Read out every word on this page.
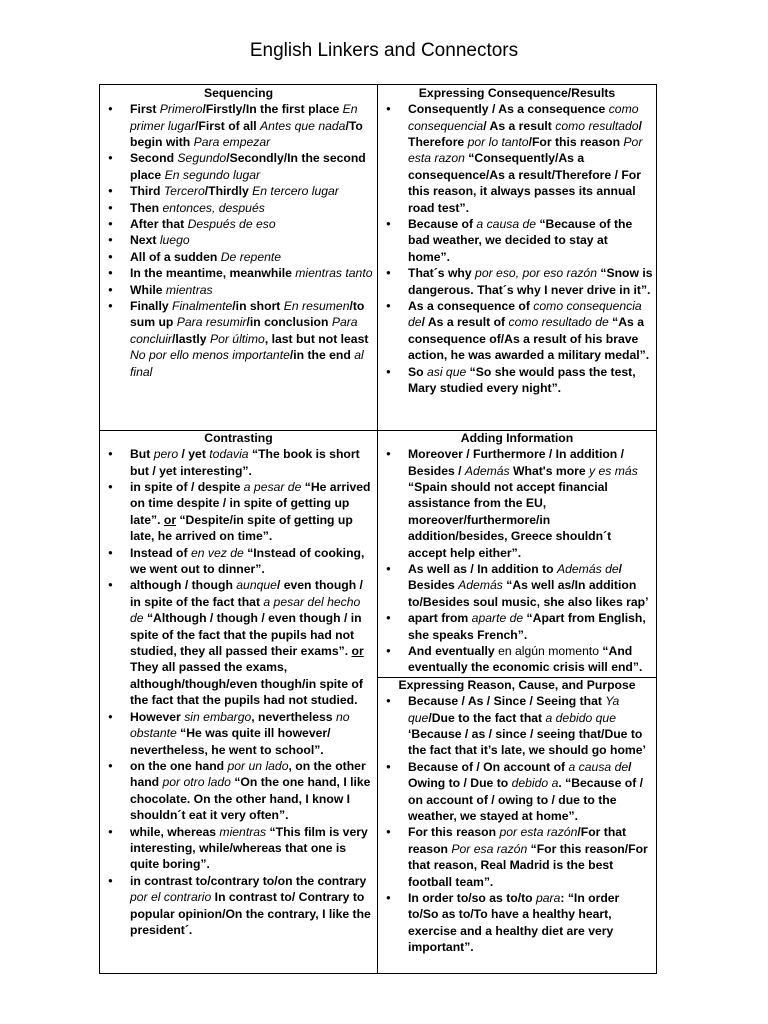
English Linkers and Connectors
Sequencing
● First Primero/Firstly/In the first place En primer lugar/First of all Antes que nada/To begin with Para empezar
● Second Segundo/Secondly/In the second place En segundo lugar
● Third Tercero/Thirdly En tercero lugar
● Then entonces, después
● After that Después de eso
● Next luego
● All of a sudden De repente
● In the meantime, meanwhile mientras tanto
● While mientras
● Finally Finalmente/in short En resumen/to sum up Para resumir/in conclusion Para concluir/lastly Por último, last but not least No por ello menos importante/in the end al final
Expressing Consequence/Results
● Consequently / As a consequence como consequencia/ As a result como resultado/ Therefore por lo tanto/For this reason Por esta razon “Consequently/As a consequence/As a result/Therefore / For this reason, it always passes its annual road test”.
● Because of a causa de “Because of the bad weather, we decided to stay at home”.
● That´s why por eso, por eso razón “Snow is dangerous. That´s why I never drive in it”.
● As a consequence of como consequencia de/ As a result of como resultado de “As a consequence of/As a result of his brave action, he was awarded a military medal”.
● So asi que “So she would pass the test, Mary studied every night”.
Contrasting
● But pero / yet todavia “The book is short but / yet interesting”.
● in spite of / despite a pesar de “He arrived on time despite / in spite of getting up late”. or “Despite/in spite of getting up late, he arrived on time”.
● Instead of en vez de “Instead of cooking, we went out to dinner”.
● although / though aunque/ even though / in spite of the fact that a pesar del hecho de “Although / though / even though / in spite of the fact that the pupils had not studied, they all passed their exams”. or They all passed the exams, although/though/even though/in spite of the fact that the pupils had not studied.
● However sin embargo, nevertheless no obstante “He was quite ill however/ nevertheless, he went to school”.
● on the one hand por un lado, on the other hand por otro lado “On the one hand, I like chocolate. On the other hand, I know I shouldn´t eat it very often”.
● while, whereas mientras “This film is very interesting, while/whereas that one is quite boring”.
● in contrast to/contrary to/on the contrary por el contrario In contrast to/ Contrary to popular opinion/On the contrary, I like the president´.
Adding Information
● Moreover / Furthermore / In addition / Besides / Además What's more y es más “Spain should not accept financial assistance from the EU, moreover/furthermore/in addition/besides, Greece shouldn´t accept help either”.
● As well as / In addition to Además de/ Besides Además “As well as/In addition to/Besides soul music, she also likes rap’
● apart from aparte de “Apart from English, she speaks French”.
● And eventually en algún momento “And eventually the economic crisis will end”.
Expressing Reason, Cause, and Purpose
● Because / As / Since / Seeing that Ya que/Due to the fact that a debido que ‘Because / as / since / seeing that/Due to the fact that it’s late, we should go home’
● Because of / On account of a causa de/ Owing to / Due to debido a. “Because of / on account of / owing to / due to the weather, we stayed at home”.
● For this reason por esta razón/For that reason Por esa razón “For this reason/For that reason, Real Madrid is the best football team”.
● In order to/so as to/to para: “In order to/So as to/To have a healthy heart, exercise and a healthy diet are very important”.
